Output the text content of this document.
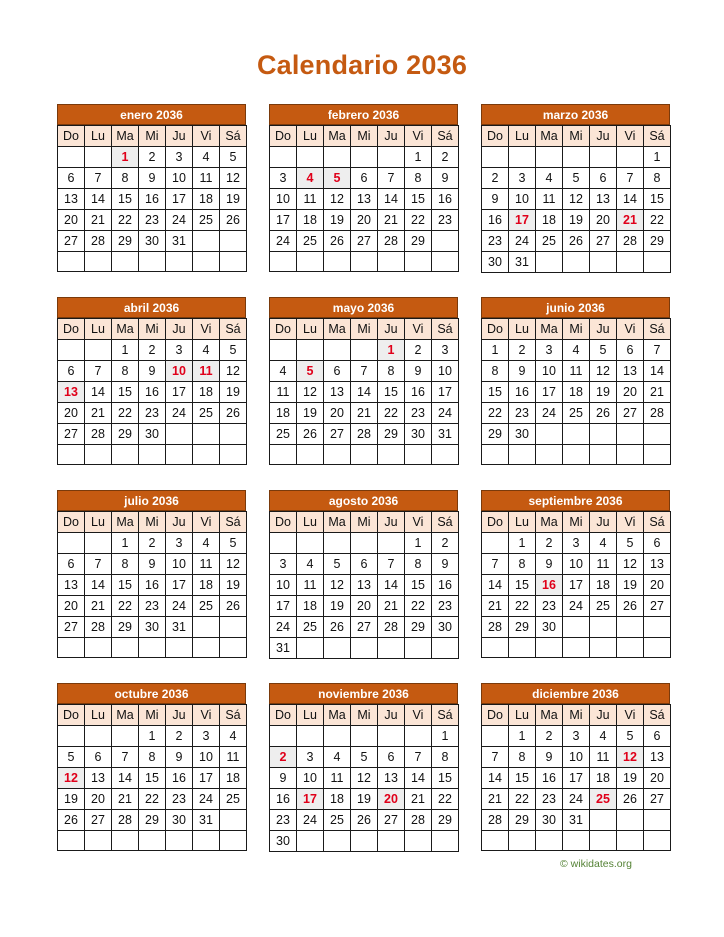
Calendario 2036
enero 2036
Do	Lu	Ma	Mi	Ju	Vi	Sá
		1	2	3	4	5
6	7	8	9	10	11	12
13	14	15	16	17	18	19
20	21	22	23	24	25	26
27	28	29	30	31		

febrero 2036
Do	Lu	Ma	Mi	Ju	Vi	Sá
					1	2
3	4	5	6	7	8	9
10	11	12	13	14	15	16
17	18	19	20	21	22	23
24	25	26	27	28	29	

marzo 2036
Do	Lu	Ma	Mi	Ju	Vi	Sá
						1
2	3	4	5	6	7	8
9	10	11	12	13	14	15
16	17	18	19	20	21	22
23	24	25	26	27	28	29
30	31					
abril 2036
Do	Lu	Ma	Mi	Ju	Vi	Sá
		1	2	3	4	5
6	7	8	9	10	11	12
13	14	15	16	17	18	19
20	21	22	23	24	25	26
27	28	29	30			

mayo 2036
Do	Lu	Ma	Mi	Ju	Vi	Sá
				1	2	3
4	5	6	7	8	9	10
11	12	13	14	15	16	17
18	19	20	21	22	23	24
25	26	27	28	29	30	31

junio 2036
Do	Lu	Ma	Mi	Ju	Vi	Sá
1	2	3	4	5	6	7
8	9	10	11	12	13	14
15	16	17	18	19	20	21
22	23	24	25	26	27	28
29	30					

julio 2036
Do	Lu	Ma	Mi	Ju	Vi	Sá
		1	2	3	4	5
6	7	8	9	10	11	12
13	14	15	16	17	18	19
20	21	22	23	24	25	26
27	28	29	30	31		

agosto 2036
Do	Lu	Ma	Mi	Ju	Vi	Sá
					1	2
3	4	5	6	7	8	9
10	11	12	13	14	15	16
17	18	19	20	21	22	23
24	25	26	27	28	29	30
31						
septiembre 2036
Do	Lu	Ma	Mi	Ju	Vi	Sá
	1	2	3	4	5	6
7	8	9	10	11	12	13
14	15	16	17	18	19	20
21	22	23	24	25	26	27
28	29	30				

octubre 2036
Do	Lu	Ma	Mi	Ju	Vi	Sá
			1	2	3	4
5	6	7	8	9	10	11
12	13	14	15	16	17	18
19	20	21	22	23	24	25
26	27	28	29	30	31	

noviembre 2036
Do	Lu	Ma	Mi	Ju	Vi	Sá
						1
2	3	4	5	6	7	8
9	10	11	12	13	14	15
16	17	18	19	20	21	22
23	24	25	26	27	28	29
30						
diciembre 2036
Do	Lu	Ma	Mi	Ju	Vi	Sá
	1	2	3	4	5	6
7	8	9	10	11	12	13
14	15	16	17	18	19	20
21	22	23	24	25	26	27
28	29	30	31			

© wikidates.org
